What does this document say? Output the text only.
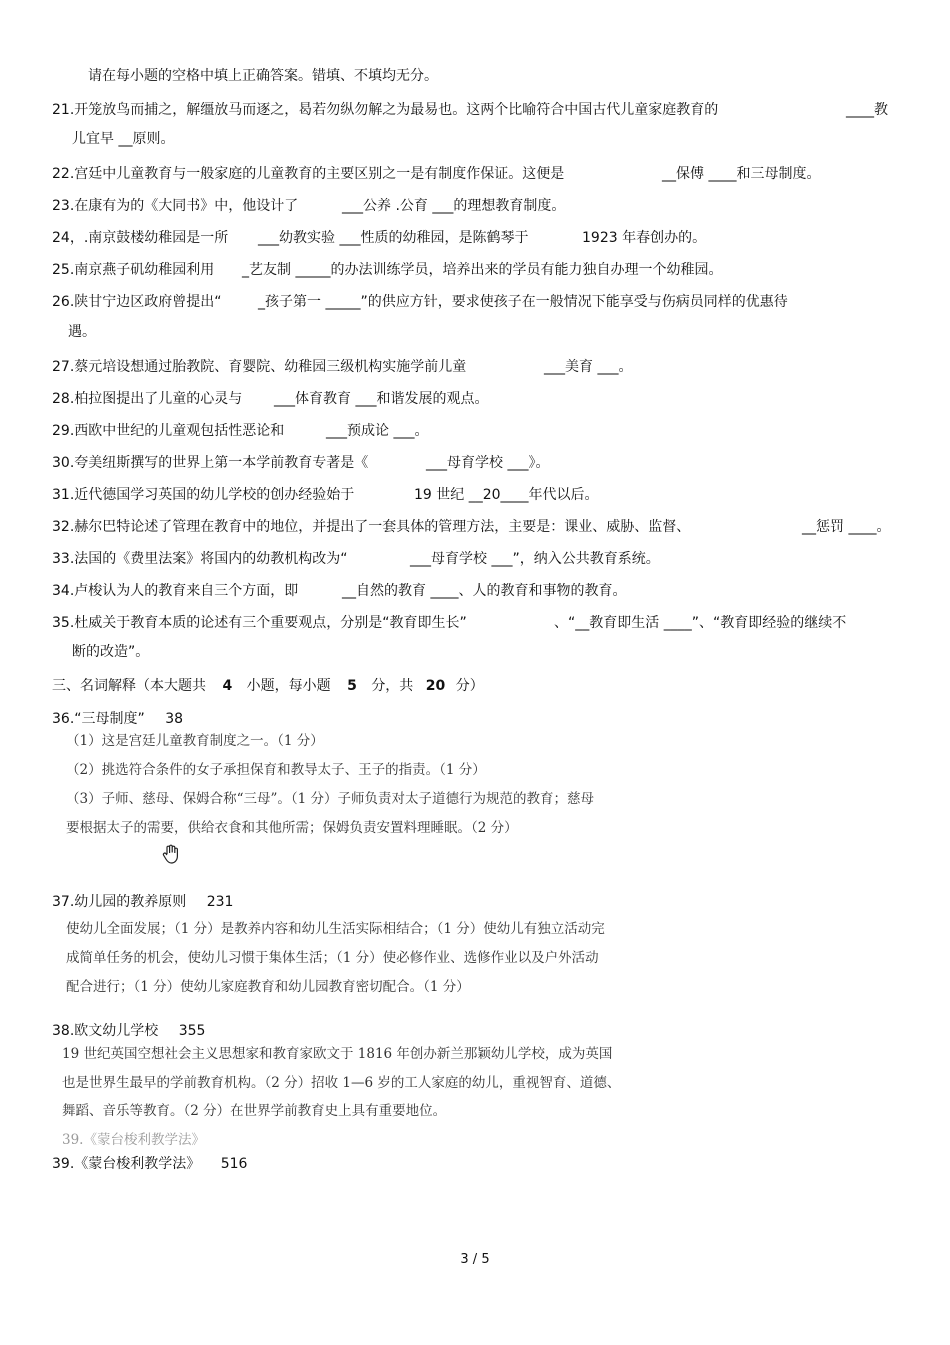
请在每小题的空格中填上正确答案。错填、不填均无分。
21.开笼放鸟而捕之，解缰放马而逐之，曷若勿纵勿解之为最易也。这两个比喻符合中国古代儿童家庭教育的	____教
儿宜早 __原则。
22.宫廷中儿童教育与一般家庭的儿童教育的主要区别之一是有制度作保证。这便是	__保傅 ____和三母制度。
23.在康有为的《大同书》中，他设计了	___公养 .公育 ___的理想教育制度。
24，.南京鼓楼幼稚园是一所 ___幼教实验 ___性质的幼稚园，是陈鹤琴于	1923 年春创办的。
25.南京燕子矶幼稚园利用 _艺友制 _____的办法训练学员，培养出来的学员有能力独自办理一个幼稚园。
26.陕甘宁边区政府曾提出“	_孩子第一 _____”的供应方针，要求使孩子在一般情况下能享受与伤病员同样的优惠待
遇。
27.蔡元培设想通过胎教院、育婴院、幼稚园三级机构实施学前儿童	___美育 ___。
28.柏拉图提出了儿童的心灵与 ___体育教育 ___和谐发展的观点。
29.西欧中世纪的儿童观包括性恶论和	___预成论 ___。
30.夸美纽斯撰写的世界上第一本学前教育专著是《	___母育学校 ___》。
31.近代德国学习英国的幼儿学校的创办经验始于	19 世纪 __20____年代以后。
32.赫尔巴特论述了管理在教育中的地位，并提出了一套具体的管理方法，主要是：课业、威胁、监督、	__惩罚 ____。
33.法国的《费里法案》将国内的幼教机构改为“	___母育学校 ___”，纳入公共教育系统。
34.卢梭认为人的教育来自三个方面，即	__自然的教育 ____、人的教育和事物的教育。
35.杜威关于教育本质的论述有三个重要观点，分别是“教育即生长”	、“__教育即生活 ____”、“教育即经验的继续不
断的改造”。
三、名词解释（本大题共 4 小题，每小题 5 分，共 20 分）
36.“三母制度” 38
（1）这是宫廷儿童教育制度之一。（1 分）
（2）挑选符合条件的女子承担保育和教导太子、王子的指责。（1 分）
（3）子师、慈母、保姆合称“三母”。（1 分）子师负责对太子道德行为规范的教育；慈母
要根据太子的需要，供给衣食和其他所需；保姆负责安置料理睡眠。（2 分）
37.幼儿园的教养原则 231
使幼儿全面发展；（1 分）是教养内容和幼儿生活实际相结合；（1 分）使幼儿有独立活动完
成简单任务的机会，使幼儿习惯于集体生活；（1 分）使必修作业、选修作业以及户外活动
配合进行；（1 分）使幼儿家庭教育和幼儿园教育密切配合。（1 分）
38.欧文幼儿学校 355
19 世纪英国空想社会主义思想家和教育家欧文于 1816 年创办新兰那颖幼儿学校，成为英国
也是世界生最早的学前教育机构。（2 分）招收 1—6 岁的工人家庭的幼儿，重视智育、道德、
舞蹈、音乐等教育。（2 分）在世界学前教育史上具有重要地位。
39.《蒙台梭利教学法》
39.《蒙台梭利教学法》 516
3 / 5
